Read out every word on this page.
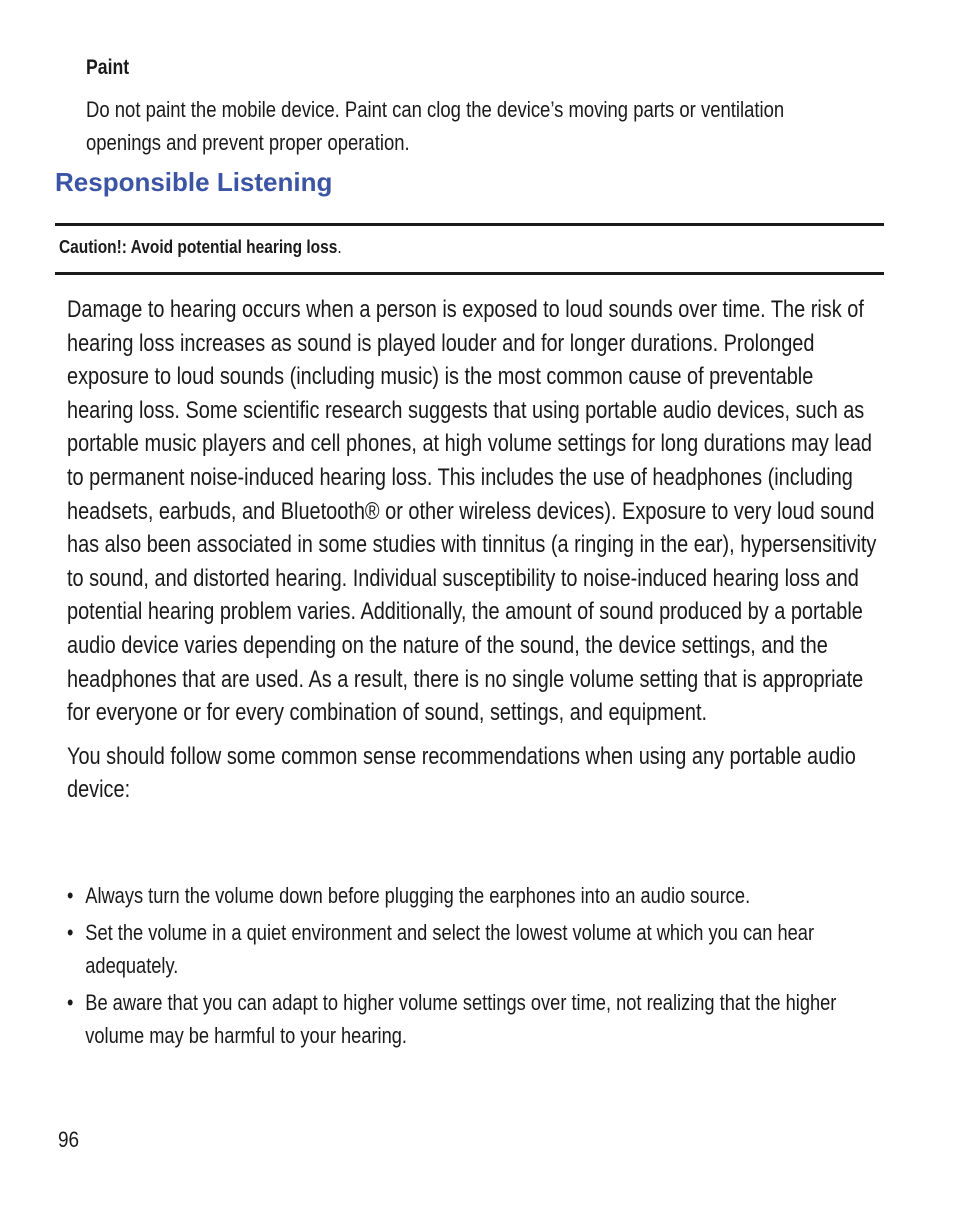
Paint
Do not paint the mobile device. Paint can clog the device’s moving parts or ventilation openings and prevent proper operation.
Responsible Listening
Caution!: Avoid potential hearing loss.

Damage to hearing occurs when a person is exposed to loud sounds over time. The risk of hearing loss increases as sound is played louder and for longer durations. Prolonged exposure to loud sounds (including music) is the most common cause of preventable hearing loss. Some scientific research suggests that using portable audio devices, such as portable music players and cell phones, at high volume settings for long durations may lead to permanent noise-induced hearing loss. This includes the use of headphones (including headsets, earbuds, and Bluetooth® or other wireless devices). Exposure to very loud sound has also been associated in some studies with tinnitus (a ringing in the ear), hypersensitivity to sound, and distorted hearing. Individual susceptibility to noise-induced hearing loss and potential hearing problem varies. Additionally, the amount of sound produced by a portable audio device varies depending on the nature of the sound, the device settings, and the headphones that are used. As a result, there is no single volume setting that is appropriate for everyone or for every combination of sound, settings, and equipment.

You should follow some common sense recommendations when using any portable audio device:

• Always turn the volume down before plugging the earphones into an audio source.
• Set the volume in a quiet environment and select the lowest volume at which you can hear adequately.
• Be aware that you can adapt to higher volume settings over time, not realizing that the higher volume may be harmful to your hearing.
96
